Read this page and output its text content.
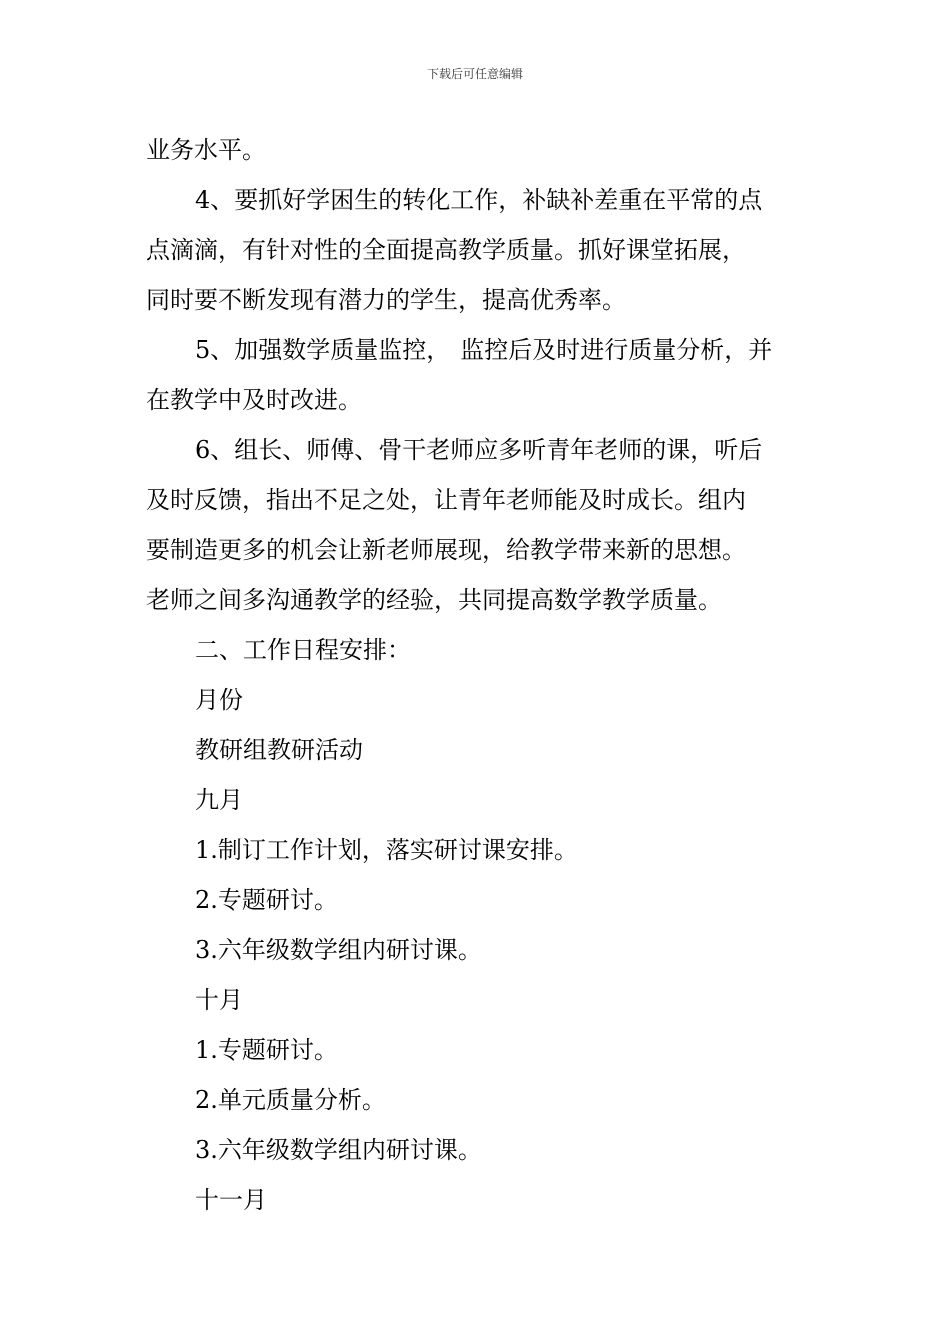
下载后可任意编辑
业务水平。
4、要抓好学困生的转化工作，补缺补差重在平常的点
点滴滴，有针对性的全面提高教学质量。抓好课堂拓展，
同时要不断发现有潜力的学生，提高优秀率。
5、加强数学质量监控， 监控后及时进行质量分析，并
在教学中及时改进。
6、组长、师傅、骨干老师应多听青年老师的课，听后
及时反馈，指出不足之处，让青年老师能及时成长。组内
要制造更多的机会让新老师展现，给教学带来新的思想。
老师之间多沟通教学的经验，共同提高数学教学质量。
二、工作日程安排：
月份
教研组教研活动
九月
1.制订工作计划，落实研讨课安排。
2.专题研讨。
3.六年级数学组内研讨课。
十月
1.专题研讨。
2.单元质量分析。
3.六年级数学组内研讨课。
十一月
